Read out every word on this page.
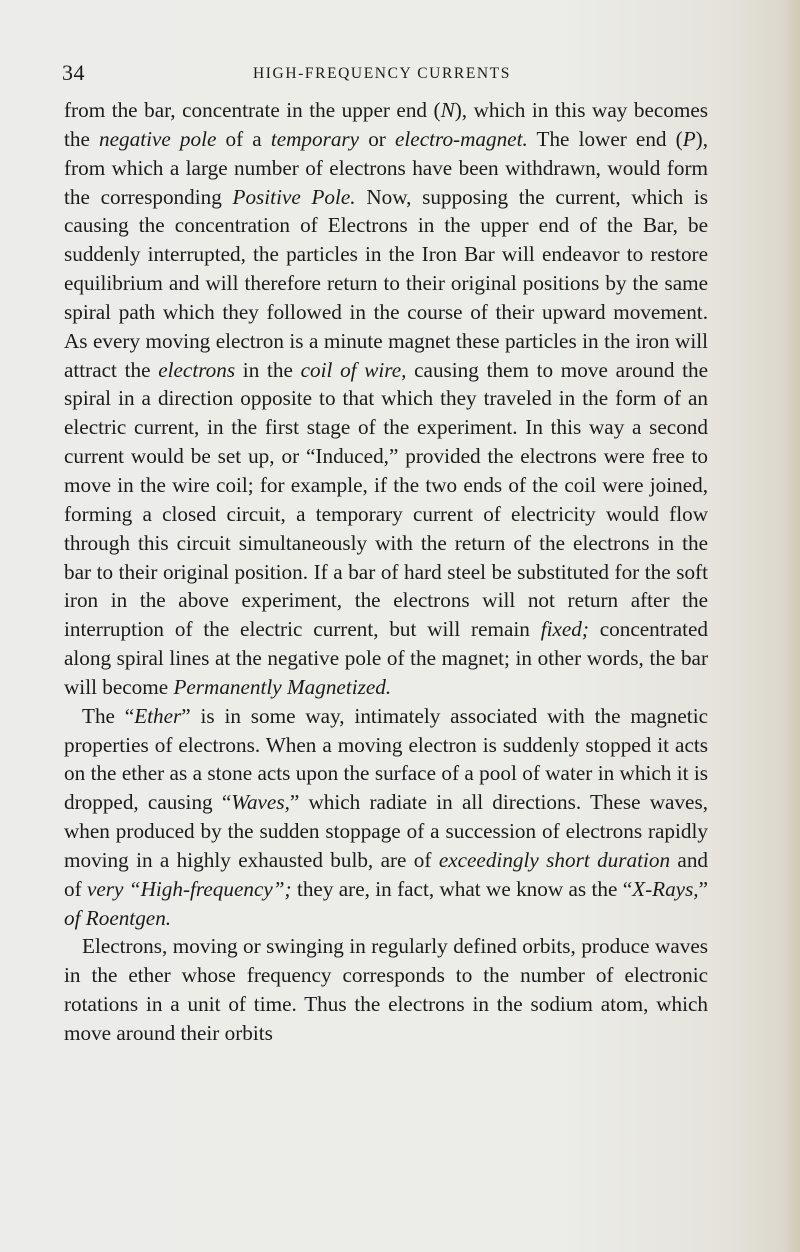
34	HIGH-FREQUENCY CURRENTS

from the bar, concentrate in the upper end (N), which in this way becomes the negative pole of a temporary or electro-magnet. The lower end (P), from which a large number of electrons have been withdrawn, would form the corresponding Positive Pole. Now, supposing the current, which is causing the concentration of Electrons in the upper end of the Bar, be suddenly interrupted, the particles in the Iron Bar will endeavor to restore equilibrium and will therefore return to their original positions by the same spiral path which they followed in the course of their upward movement. As every moving electron is a minute magnet these particles in the iron will attract the electrons in the coil of wire, causing them to move around the spiral in a direction opposite to that which they traveled in the form of an electric current, in the first stage of the experiment. In this way a second current would be set up, or “Induced,” provided the electrons were free to move in the wire coil; for example, if the two ends of the coil were joined, forming a closed circuit, a temporary current of electricity would flow through this circuit simultaneously with the return of the electrons in the bar to their original position. If a bar of hard steel be substituted for the soft iron in the above experiment, the electrons will not return after the interruption of the electric current, but will remain fixed; concentrated along spiral lines at the negative pole of the magnet; in other words, the bar will become Permanently Magnetized.

The “Ether” is in some way, intimately associated with the magnetic properties of electrons. When a moving electron is suddenly stopped it acts on the ether as a stone acts upon the surface of a pool of water in which it is dropped, causing “Waves,” which radiate in all directions. These waves, when produced by the sudden stoppage of a succession of electrons rapidly moving in a highly exhausted bulb, are of exceedingly short duration and of very “High-frequency”; they are, in fact, what we know as the “X-Rays,” of Roentgen.

Electrons, moving or swinging in regularly defined orbits, produce waves in the ether whose frequency corresponds to the number of electronic rotations in a unit of time. Thus the electrons in the sodium atom, which move around their orbits
